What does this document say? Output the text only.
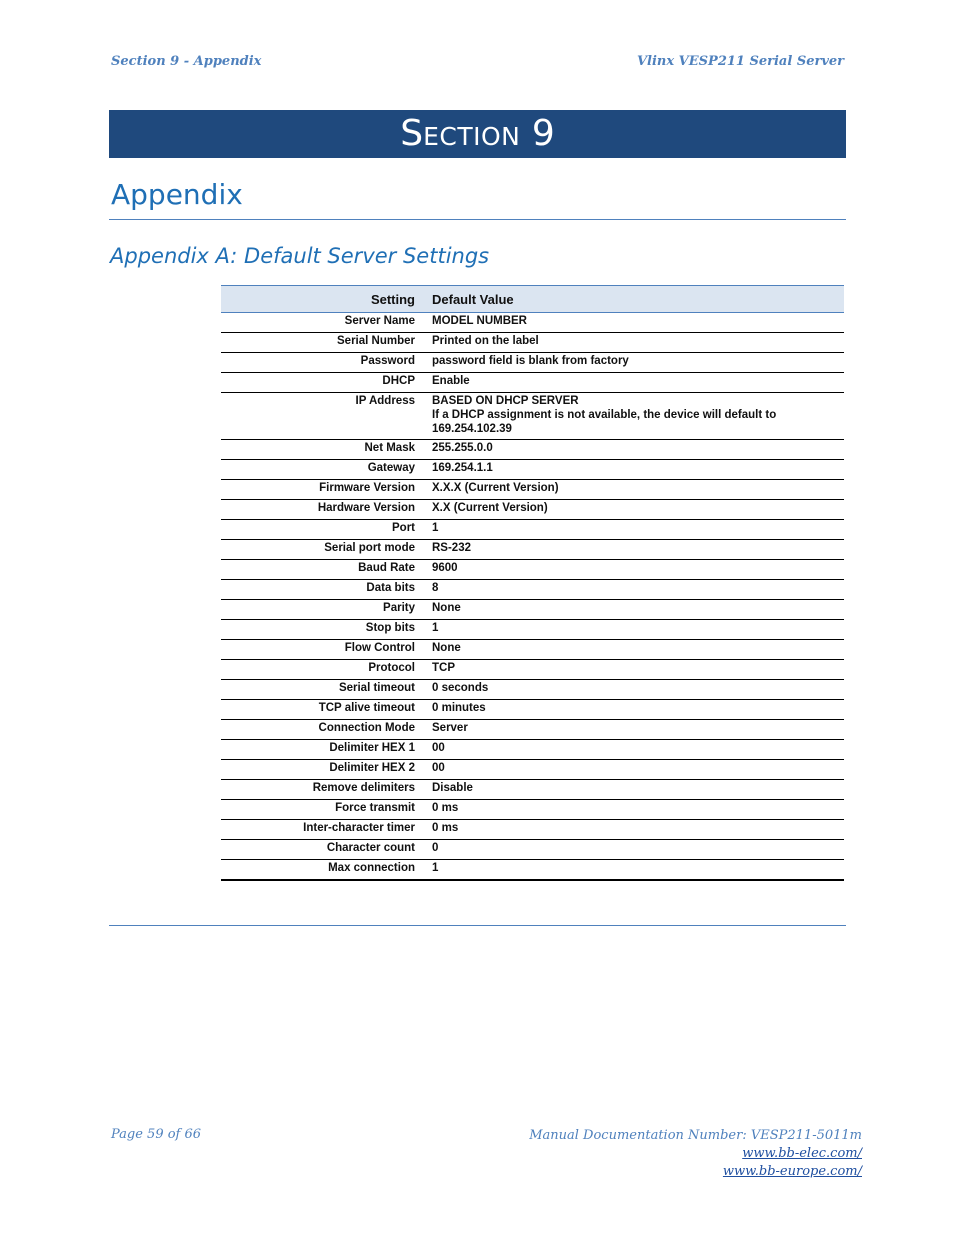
Section 9 - Appendix	Vlinx VESP211 Serial Server
SECTION 9
Appendix
Appendix A: Default Server Settings
Setting	Default Value
Server Name	MODEL NUMBER
Serial Number	Printed on the label
Password	password field is blank from factory
DHCP	Enable
IP Address	BASED ON DHCP SERVER
If a DHCP assignment is not available, the device will default to 169.254.102.39

Net Mask	255.255.0.0
Gateway	169.254.1.1
Firmware Version	X.X.X (Current Version)
Hardware Version	X.X (Current Version)
Port	1
Serial port mode	RS-232
Baud Rate	9600
Data bits	8
Parity	None
Stop bits	1
Flow Control	None
Protocol	TCP
Serial timeout	0 seconds
TCP alive timeout	0 minutes
Connection Mode	Server
Delimiter HEX 1	00
Delimiter HEX 2	00
Remove delimiters	Disable
Force transmit	0 ms
Inter-character timer	0 ms
Character count	0
Max connection	1
Page 59 of 66	Manual Documentation Number: VESP211-5011m
www.bb-elec.com/
www.bb-europe.com/
